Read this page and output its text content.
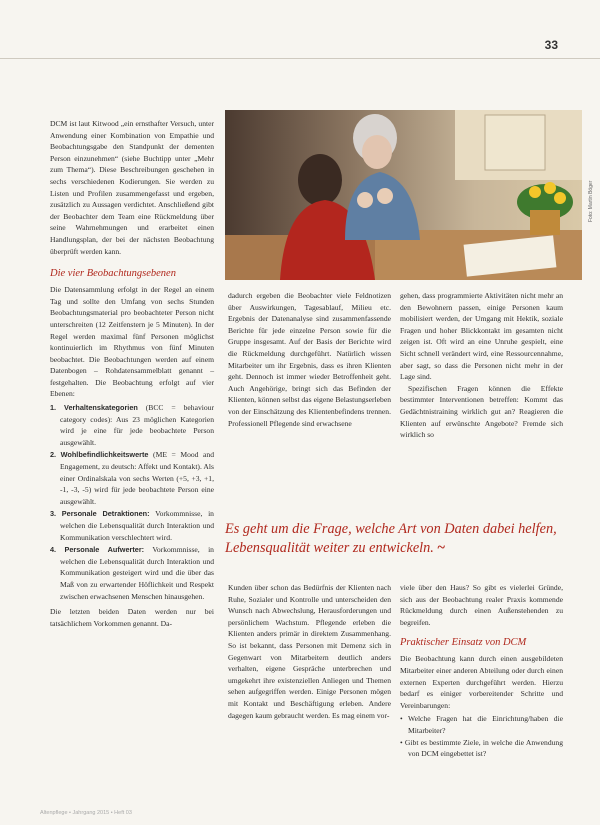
33
Foto: Martin Böger

DCM ist laut Kitwood „ein ernsthafter Versuch, unter Anwendung einer Kombination von Empathie und Beobachtungsgabe den Standpunkt der dementen Person einzunehmen“ (siehe Buchtipp unter „Mehr zum Thema“). Diese Beschreibungen geschehen in sechs verschiedenen Kodierungen. Sie werden zu Listen und Profilen zusammengefasst und ergeben, zusätzlich zu Aussagen verdichtet. Anschließend gibt der Beobachter dem Team eine Rückmeldung über seine Wahrnehmungen und erarbeitet einen Handlungsplan, der bei der nächsten Beobachtung überprüft werden kann.

Die vier Beobachtungsebenen

Die Datensammlung erfolgt in der Regel an einem Tag und sollte den Umfang von sechs Stunden Beobachtungsmaterial pro beobachteter Person nicht unterschreiten (12 Zeitfenstern je 5 Minuten). In der Regel werden maximal fünf Personen möglichst kontinuierlich im Rhythmus von fünf Minuten beobachtet. Die Beobachtungen werden auf einem Datenbogen – Rohdatensammelblatt genannt – festgehalten. Die Beobachtung erfolgt auf vier Ebenen:

1. Verhaltenskategorien (BCC = behaviour category codes): Aus 23 möglichen Kategorien wird je eine für jede beobachtete Person ausgewählt.
2. Wohlbefindlichkeitswerte (ME = Mood and Engagement, zu deutsch: Affekt und Kontakt). Als einer Ordinalskala von sechs Werten (+5, +3, +1, -1, -3, -5) wird für jede beobachtete Person eine ausgewählt.
3. Personale Detraktionen: Vorkommnisse, in welchen die Lebensqualität durch Interaktion und Kommunikation verschlechtert wird.
4. Personale Aufwerter: Vorkommnisse, in welchen die Lebensqualität durch Interaktion und Kommunikation gesteigert wird und die über das Maß von zu erwartender Höflichkeit und Respekt zwischen erwachsenen Menschen hinausgehen.

Die letzten beiden Daten werden nur bei tatsächlichem Vorkommen genannt. Da-

dadurch ergeben die Beobachter viele Feldnotizen über Auswirkungen, Tagesablauf, Milieu etc. Ergebnis der Datenanalyse sind zusammenfassende Berichte für jede einzelne Person sowie für die Gruppe insgesamt. Auf der Basis der Berichte wird die Rückmeldung durchgeführt. Natürlich wissen Mitarbeiter um ihr Ergebnis, dass es ihren Klienten geht. Dennoch ist immer wieder Betroffenheit geht. Auch Angehörige, bringt sich das Befinden der Klienten, können selbst das eigene Belastungserleben von der Einschätzung des Klientenbefindens trennen. Professionell Pflegende sind erwachsene

gehen, dass programmierte Aktivitäten nicht mehr an den Bewohnern passen, einige Personen kaum mobilisiert werden, der Umgang mit Hektik, soziale Fragen und hoher Blickkontakt im gesamten nicht zeigen ist. Oft wird an eine Unruhe gespielt, eine Sicht schnell verändert wird, eine Ressourcennahme, aber sagt, so dass die Personen nicht mehr in der Lage sind.

Spezifischen Fragen können die Effekte bestimmter Interventionen betreffen: Kommt das Gedächtnistraining wirklich gut an? Reagieren die Klienten auf erwünschte Angebote? Fremde sich wirklich so

Es geht um die Frage, welche Art von Daten dabei helfen, Lebensqualität weiter zu entwickeln. ~
Kunden über schon das Bedürfnis der Klienten nach Ruhe, Sozialer und Kontrolle und unterscheiden den Wunsch nach Abwechslung, Herausforderungen und persönlichem Wachstum. Pflegende erleben die Klienten anders primär in direktem Zusammenhang. So ist bekannt, dass Personen mit Demenz sich in Gegenwart von Mitarbeitern deutlich anders verhalten, eigene Gespräche unterbrechen und umgekehrt ihre existenziellen Anliegen und Themen sehen aufgegriffen werden. Einige Personen mögen mit Kontakt und Beschäftigung erleben. Andere dagegen kaum gebraucht werden. Es mag einem vor-

viele über den Haus? So gibt es vielerlei Gründe, sich aus der Beobachtung realer Praxis kommende Rückmeldung durch einen Außenstehenden zu begreifen.

Praktischer Einsatz von DCM

Die Beobachtung kann durch einen ausgebildeten Mitarbeiter einer anderen Abteilung oder durch einen externen Experten durchgeführt werden. Hierzu bedarf es einiger vorbereitender Schritte und Vereinbarungen:

• Welche Fragen hat die Einrichtung/haben die Mitarbeiter?
• Gibt es bestimmte Ziele, in welche die Anwendung von DCM eingebettet ist?
Altenpflege • Jahrgang 2015 • Heft 03
